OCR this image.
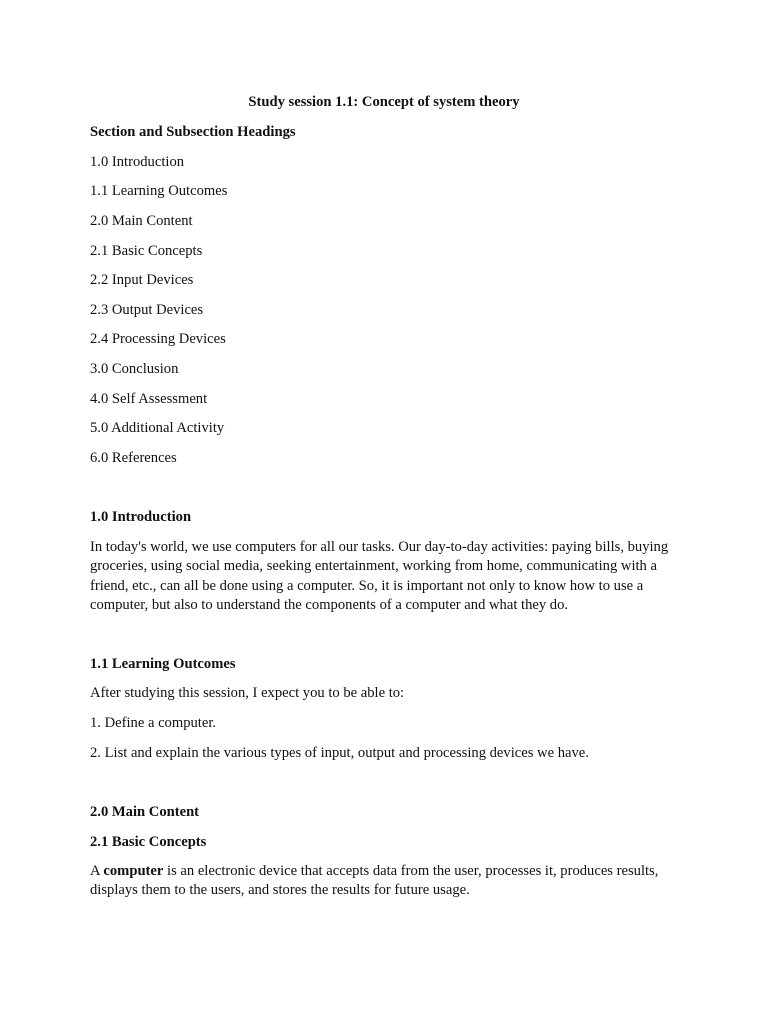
Study session 1.1: Concept of system theory
Section and Subsection Headings
1.0 Introduction
1.1 Learning Outcomes
2.0 Main Content
2.1 Basic Concepts
2.2 Input Devices
2.3 Output Devices
2.4 Processing Devices
3.0 Conclusion
4.0 Self Assessment
5.0 Additional Activity
6.0 References
1.0 Introduction
In today's world, we use computers for all our tasks. Our day-to-day activities: paying bills, buying
groceries, using social media, seeking entertainment, working from home, communicating with a
friend, etc., can all be done using a computer. So, it is important not only to know how to use a
computer, but also to understand the components of a computer and what they do.
1.1 Learning Outcomes
After studying this session, I expect you to be able to:
1. Define a computer.
2. List and explain the various types of input, output and processing devices we have.
2.0 Main Content
2.1 Basic Concepts
A computer is an electronic device that accepts data from the user, processes it, produces results,
displays them to the users, and stores the results for future usage.
